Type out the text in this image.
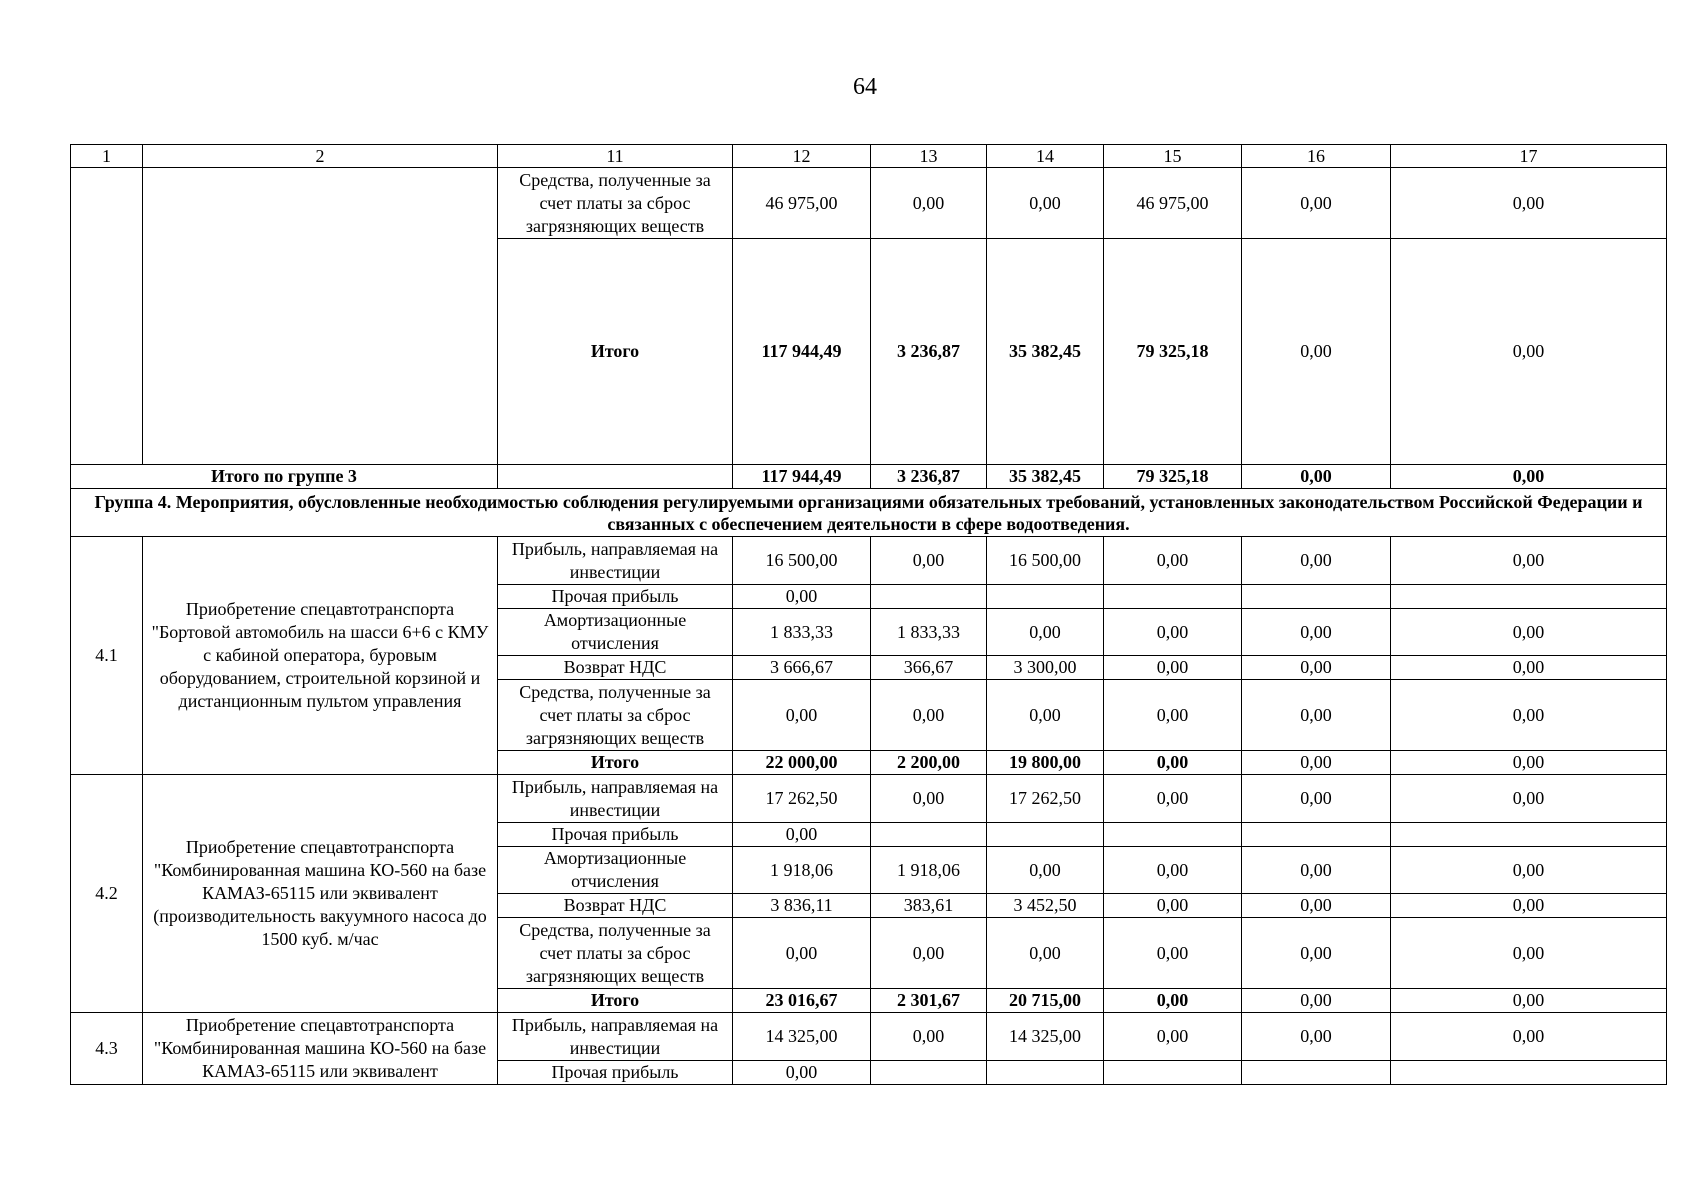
64
1	2	11	12	13	14	15	16	17
		Средства, полученные за счет платы за сброс загрязняющих веществ	46 975,00	0,00	0,00	46 975,00	0,00	0,00
		Итого	117 944,49	3 236,87	35 382,45	79 325,18	0,00	0,00
Итого по группе 3			117 944,49	3 236,87	35 382,45	79 325,18	0,00	0,00
Группа 4. Мероприятия, обусловленные необходимостью соблюдения регулируемыми организациями обязательных требований, установленных законодательством Российской Федерации и связанных с обеспечением деятельности в сфере водоотведения.								
4.1	Приобретение спецавтотранспорта "Бортовой автомобиль на шасси 6+6 с КМУ с кабиной оператора, буровым оборудованием, строительной корзиной и дистанционным пультом управления	Прибыль, направляемая на инвестиции	16 500,00	0,00	16 500,00	0,00	0,00	0,00
		Прочая прибыль	0,00					
		Амортизационные отчисления	1 833,33	1 833,33	0,00	0,00	0,00	0,00
		Возврат НДС	3 666,67	366,67	3 300,00	0,00	0,00	0,00
		Средства, полученные за счет платы за сброс загрязняющих веществ	0,00	0,00	0,00	0,00	0,00	0,00
		Итого	22 000,00	2 200,00	19 800,00	0,00	0,00	0,00
4.2	Приобретение спецавтотранспорта "Комбинированная машина КО-560 на базе КАМАЗ-65115 или эквивалент (производительность вакуумного насоса до 1500 куб. м/час	Прибыль, направляемая на инвестиции	17 262,50	0,00	17 262,50	0,00	0,00	0,00
		Прочая прибыль	0,00					
		Амортизационные отчисления	1 918,06	1 918,06	0,00	0,00	0,00	0,00
		Возврат НДС	3 836,11	383,61	3 452,50	0,00	0,00	0,00
		Средства, полученные за счет платы за сброс загрязняющих веществ	0,00	0,00	0,00	0,00	0,00	0,00
		Итого	23 016,67	2 301,67	20 715,00	0,00	0,00	0,00
4.3	Приобретение спецавтотранспорта "Комбинированная машина КО-560 на базе КАМАЗ-65115 или эквивалент	Прибыль, направляемая на инвестиции	14 325,00	0,00	14 325,00	0,00	0,00	0,00
		Прочая прибыль	0,00					
